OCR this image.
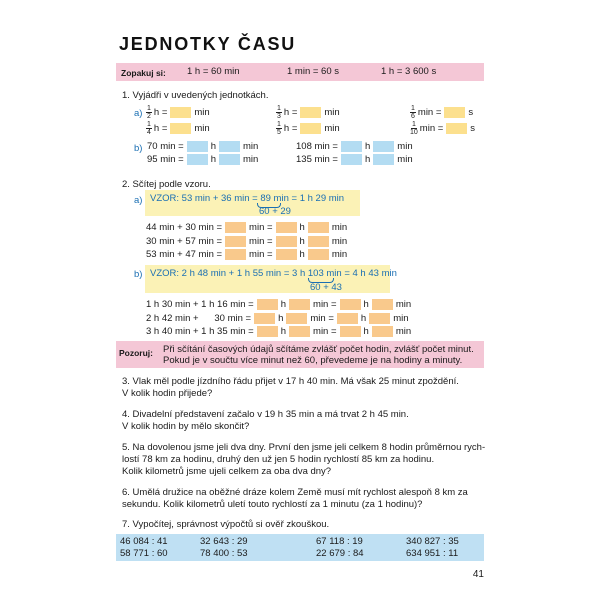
JEDNOTKY ČASU
Zopakuj si: 1 h = 60 min	1 min = 60 s	1 h = 3 600 s
1. Vyjádři v uvedených jednotkách.
$a) \frac{1}{2}$ h =	min	$\frac{1}{3}$ h =	min	$\frac{1}{6}$ min =	s
$\frac{1}{4}$ h =	min	$\frac{1}{5}$ h =	min	$\frac{1}{10}$ min =	s
b) 70 min =	h	min	108 min =	h	min
95 min =	h	min	135 min =	h	min
2. Sčítej podle vzoru.
a) VZOR: 53 min + 36 min = 89 min = 1 h 29 min
60 + 29
44 min + 30 min =	min =	h	min
30 min + 57 min =	min =	h	min
53 min + 47 min =	min =	h	min
b) VZOR: 2 h 48 min + 1 h 55 min = 3 h 103 min = 4 h 43 min
60 + 43
1 h 30 min + 1 h 16 min =	h	min =	h	min
2 h 42 min +      30 min =	h	min =	h	min
3 h 40 min + 1 h 35 min =	h	min =	h	min
Pozoruj: Při sčítání časových údajů sčítáme zvlášť počet hodin, zvlášť počet minut.
Pokud je v součtu více minut než 60, převedeme je na hodiny a minuty.
3. Vlak měl podle jízdního řádu přijet v 17 h 40 min. Má však 25 minut zpoždění.
V kolik hodin přijede?
4. Divadelní představení začalo v 19 h 35 min a má trvat 2 h 45 min.
V kolik hodin by mělo skončit?
5. Na dovolenou jsme jeli dva dny. První den jsme jeli celkem 8 hodin průměrnou rych-
lostí 78 km za hodinu, druhý den už jen 5 hodin rychlostí 85 km za hodinu.
Kolik kilometrů jsme ujeli celkem za oba dva dny?
6. Umělá družice na oběžné dráze kolem Země musí mít rychlost alespoň 8 km za
sekundu. Kolik kilometrů uletí touto rychlostí za 1 minutu (za 1 hodinu)?
7. Vypočítej, správnost výpočtů si ověř zkouškou.
46 084 : 41	32 643 : 29	67 118 : 19	340 827 : 35
58 771 : 60	78 400 : 53	22 679 : 84	634 951 : 11
41
